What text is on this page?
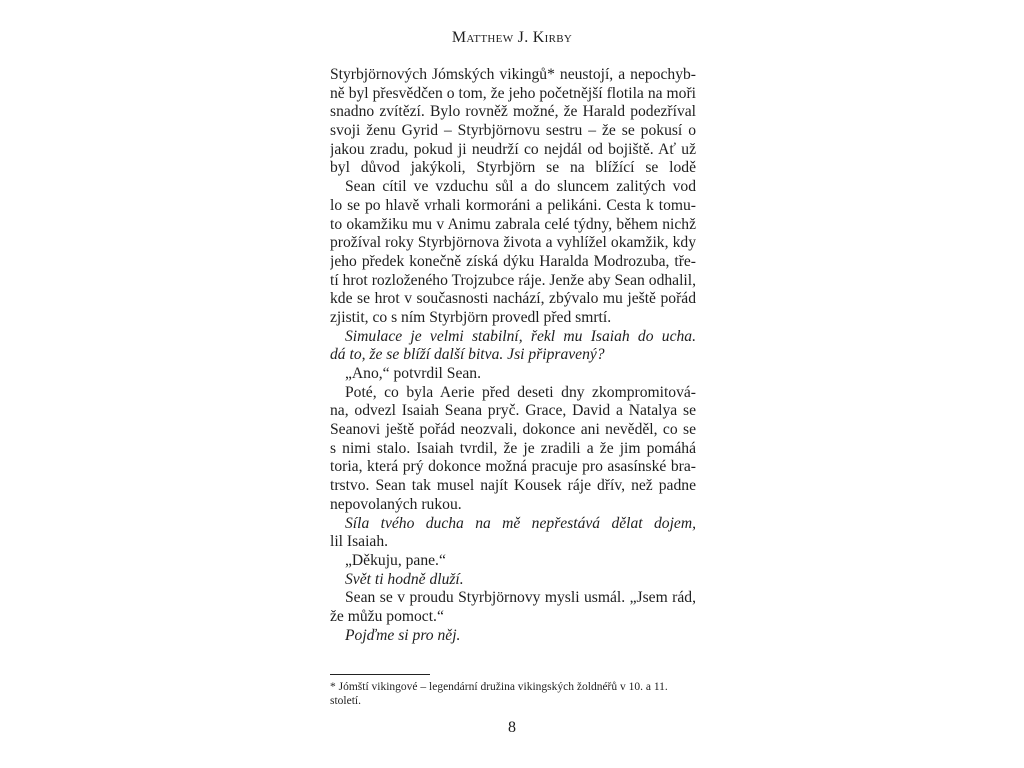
Matthew J. Kirby
Styrbjörnových Jómských vikingů* neustojí, a nepochyb-
ně byl přesvědčen o tom, že jeho početnější flotila na moři
snadno zvítězí. Bylo rovněž možné, že Harald podezříval
svoji ženu Gyrid – Styrbjörnovu sestru – že se pokusí o
jakou zradu, pokud ji neudrží co nejdál od bojiště. Ať už
byl důvod jakýkoli, Styrbjörn se na blížící se lodě
Sean cítil ve vzduchu sůl a do sluncem zalitých vod
lo se po hlavě vrhali kormoráni a pelikáni. Cesta k tomu-
to okamžiku mu v Animu zabrala celé týdny, během nichž
prožíval roky Styrbjörnova života a vyhlížel okamžik, kdy
jeho předek konečně získá dýku Haralda Modrozuba, tře-
tí hrot rozloženého Trojzubce ráje. Jenže aby Sean odhalil,
kde se hrot v současnosti nachází, zbývalo mu ještě pořád
zjistit, co s ním Styrbjörn provedl před smrtí.
Simulace je velmi stabilní, řekl mu Isaiah do ucha.
dá to, že se blíží další bitva. Jsi připravený?
„Ano,“ potvrdil Sean.
Poté, co byla Aerie před deseti dny zkompromitová-
na, odvezl Isaiah Seana pryč. Grace, David a Natalya se
Seanovi ještě pořád neozvali, dokonce ani nevěděl, co se
s nimi stalo. Isaiah tvrdil, že je zradili a že jim pomáhá
toria, která prý dokonce možná pracuje pro asasínské bra-
trstvo. Sean tak musel najít Kousek ráje dřív, než padne
nepovolaných rukou.
Síla tvého ducha na mě nepřestává dělat dojem,
lil Isaiah.
„Děkuju, pane.“
Svět ti hodně dluží.
Sean se v proudu Styrbjörnovy mysli usmál. „Jsem rád,
že můžu pomoct.“
Pojďme si pro něj.
* Jómští vikingové – legendární družina vikingských žoldnéřů v 10. a 11. století.
8
